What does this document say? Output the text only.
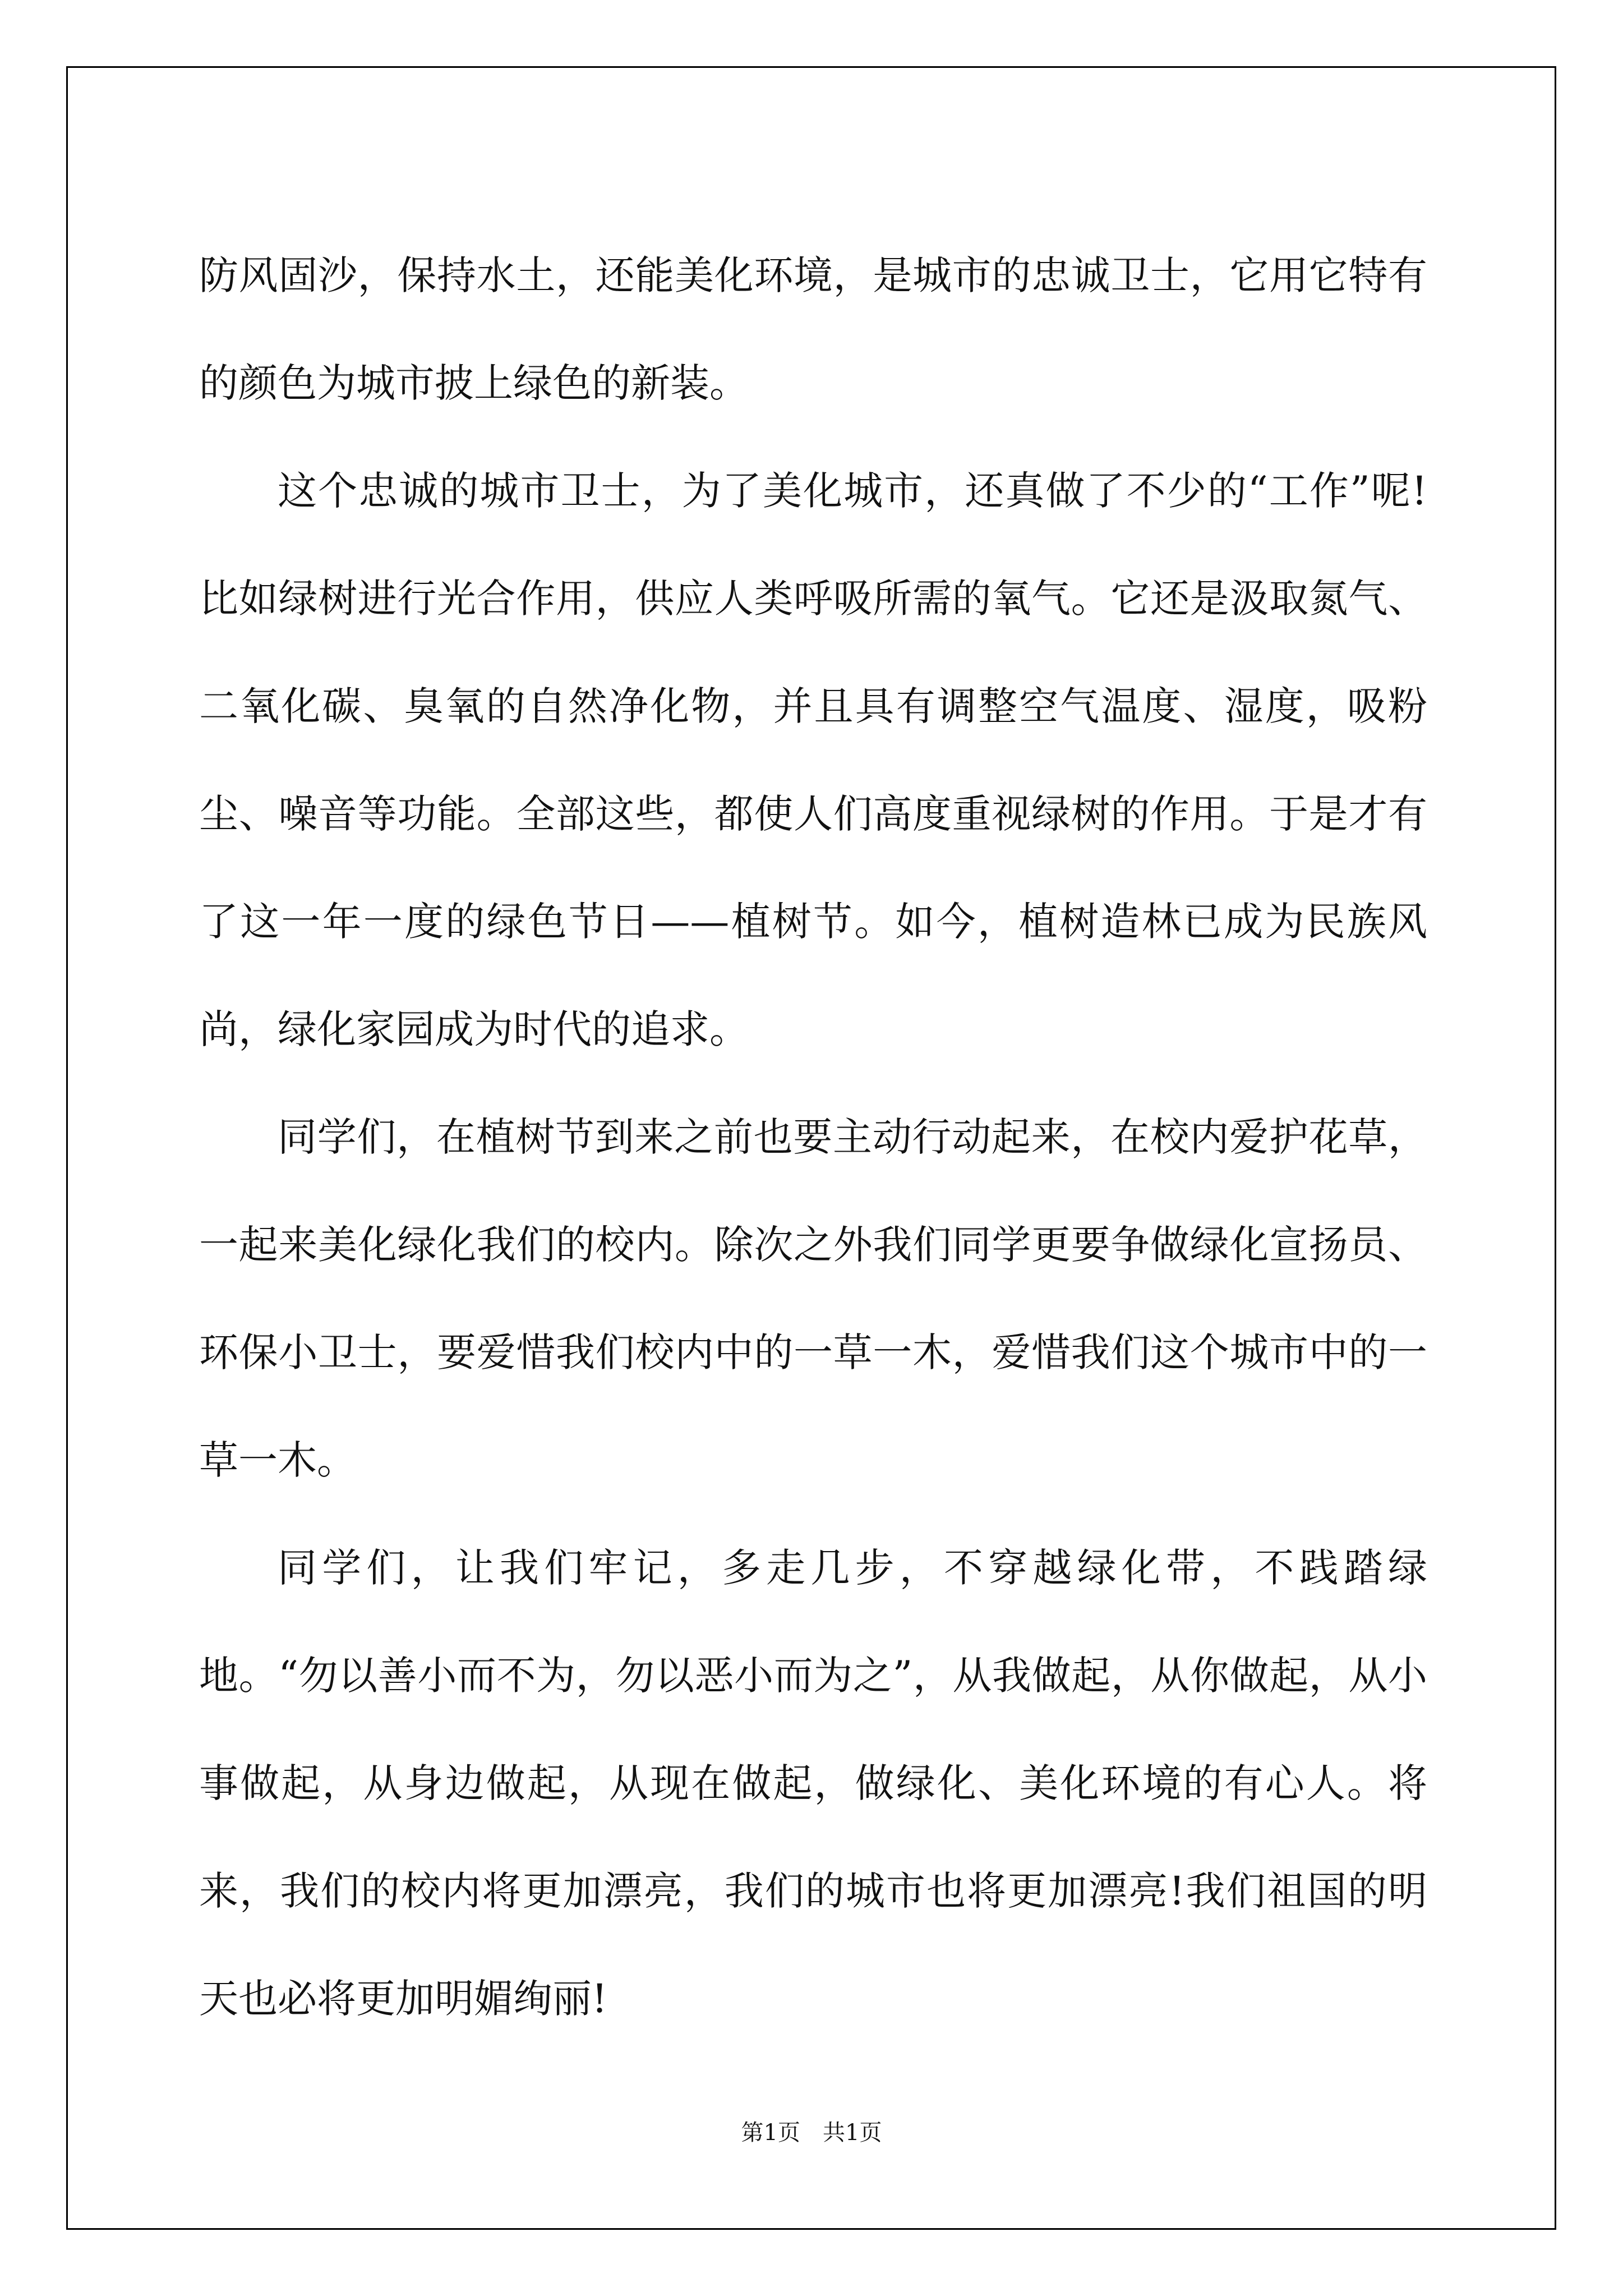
防风固沙，保持水土，还能美化环境，是城市的忠诚卫士，它用它特有的颜色为城市披上绿色的新装。

这个忠诚的城市卫士，为了美化城市，还真做了不少的“工作”呢!比如绿树进行光合作用，供应人类呼吸所需的氧气。它还是汲取氮气、二氧化碳、臭氧的自然净化物，并且具有调整空气温度、湿度，吸粉尘、噪音等功能。全部这些，都使人们高度重视绿树的作用。于是才有了这一年一度的绿色节日——植树节。如今，植树造林已成为民族风尚，绿化家园成为时代的追求。

同学们，在植树节到来之前也要主动行动起来，在校内爱护花草，一起来美化绿化我们的校内。除次之外我们同学更要争做绿化宣扬员、环保小卫士，要爱惜我们校内中的一草一木，爱惜我们这个城市中的一草一木。

同学们，让我们牢记，多走几步，不穿越绿化带，不践踏绿地。“勿以善小而不为，勿以恶小而为之”，从我做起，从你做起，从小事做起，从身边做起，从现在做起，做绿化、美化环境的有心人。将来，我们的校内将更加漂亮，我们的城市也将更加漂亮!我们祖国的明天也必将更加明媚绚丽!

第1页　共1页
